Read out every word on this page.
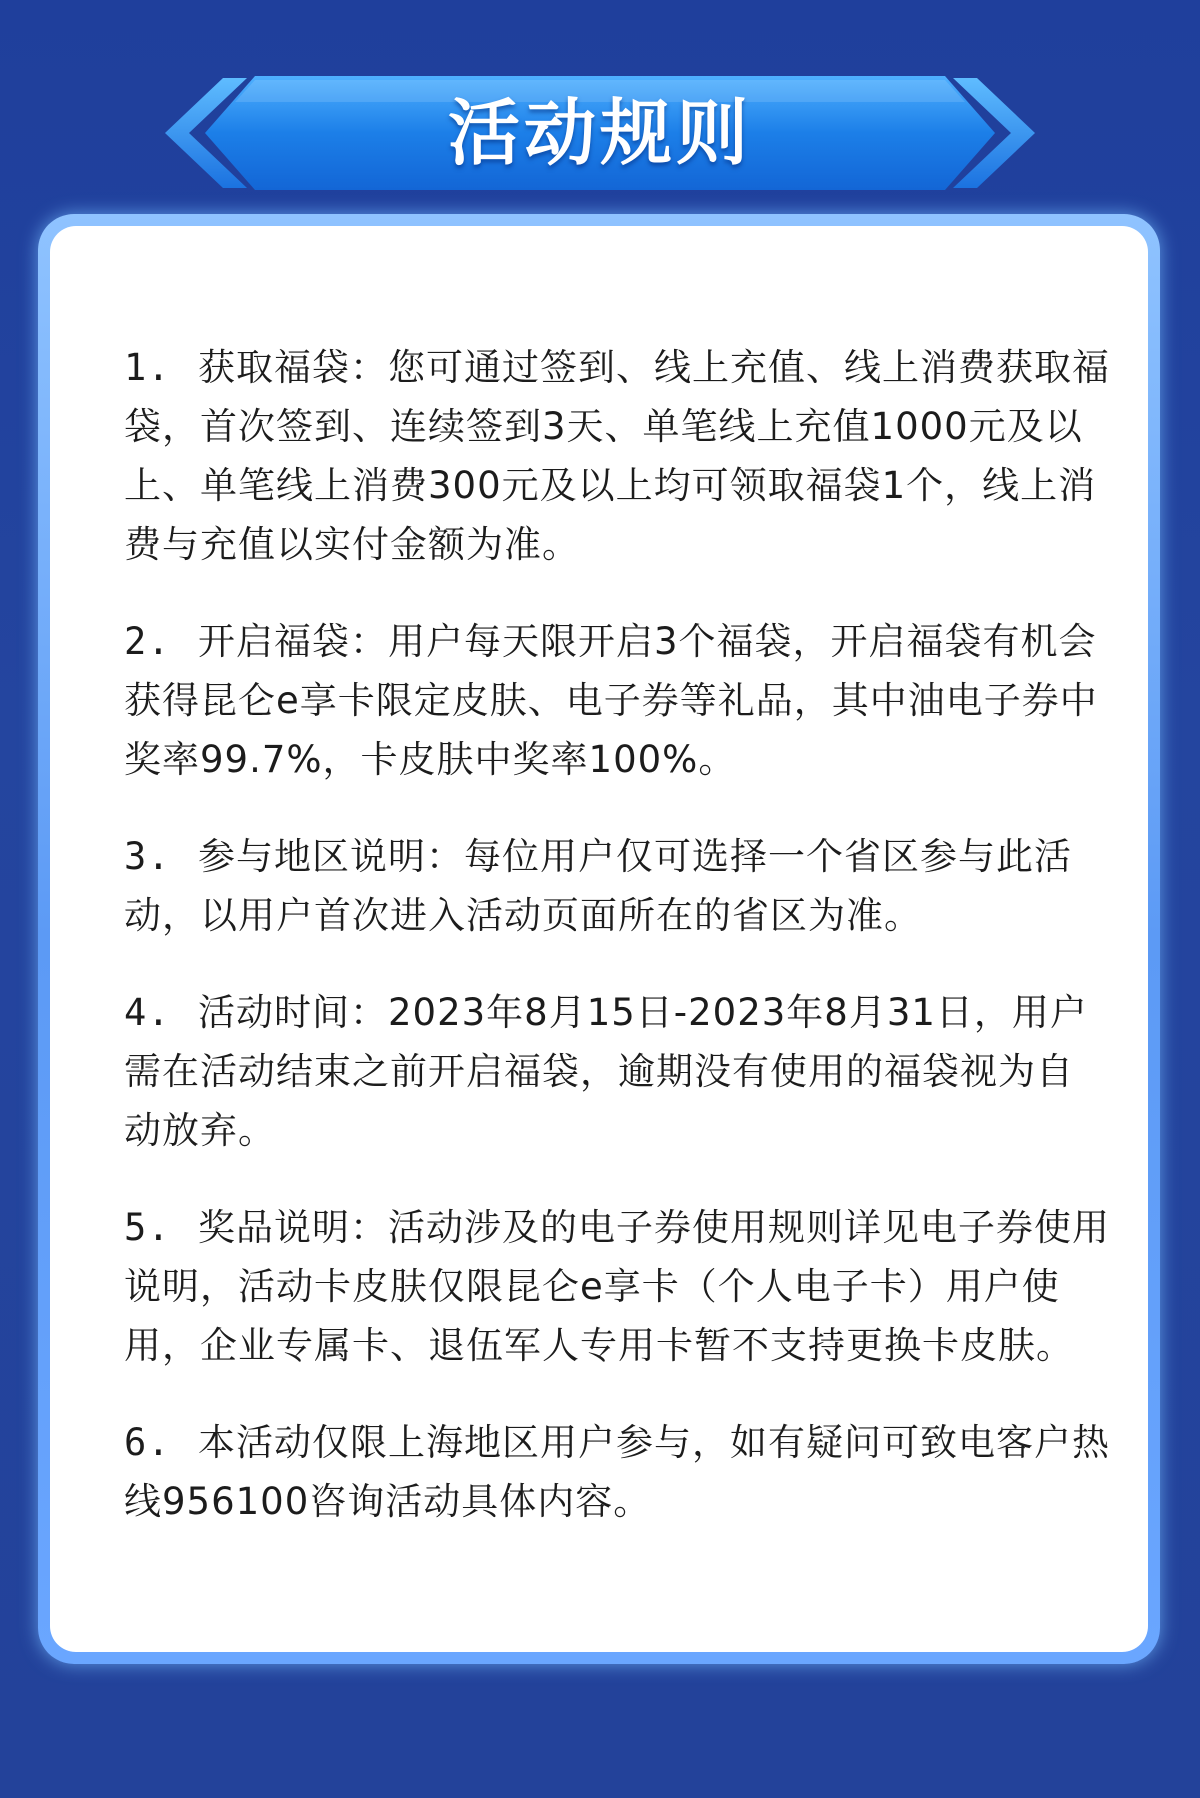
活动规则
1. 获取福袋：您可通过签到、线上充值、线上消费获取福袋，首次签到、连续签到3天、单笔线上充值1000元及以上、单笔线上消费300元及以上均可领取福袋1个，线上消费与充值以实付金额为准。
2. 开启福袋：用户每天限开启3个福袋，开启福袋有机会获得昆仑e享卡限定皮肤、电子券等礼品，其中油电子券中奖率99.7%，卡皮肤中奖率100%。
3. 参与地区说明：每位用户仅可选择一个省区参与此活动，以用户首次进入活动页面所在的省区为准。
4. 活动时间：2023年8月15日-2023年8月31日，用户需在活动结束之前开启福袋，逾期没有使用的福袋视为自动放弃。
5. 奖品说明：活动涉及的电子券使用规则详见电子券使用说明，活动卡皮肤仅限昆仑e享卡（个人电子卡）用户使用，企业专属卡、退伍军人专用卡暂不支持更换卡皮肤。
6. 本活动仅限上海地区用户参与，如有疑问可致电客户热线956100咨询活动具体内容。
